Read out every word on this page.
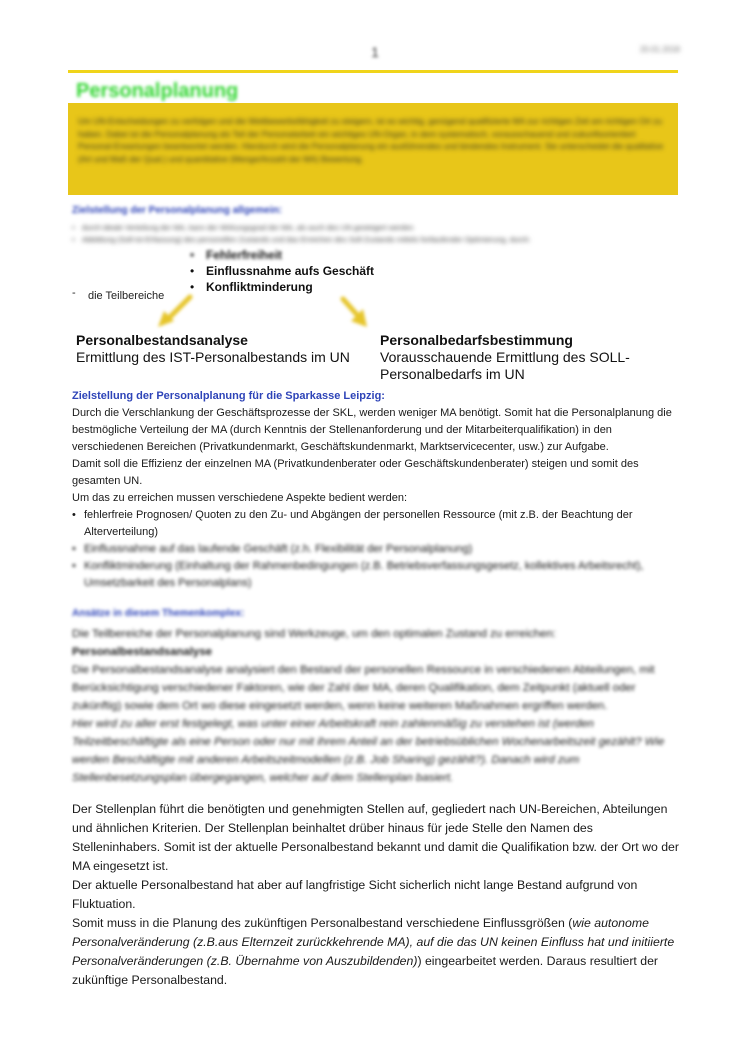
1	20.01.2018
Personalplanung
Um UN-Entscheidungen zu verfolgen und die Wettbewerbsfähigkeit zu steigern, ist es wichtig, genügend qualifizierte MA zur richtigen Zeit am richtigen Ort zu haben. Dabei ist die Personalplanung als Teil der Personalarbeit ein wichtiges UN-Organ, in dem systematisch, vorausschauend und zukunftsorientiert Personal-Erwartungen beantwortet werden. Hierdurch wird die Personalplanung ein ausführendes und bindendes Instrument. Sie unterscheidet die qualitative (Art und Maß der Qual.) und quantitative (Menge/Anzahl der MA) Bewertung.
Zielstellung der Personalplanung allgemein:
• durch ideale Verteilung der MA, kann der Wirkungsgrad der MA, als auch des UN gesteigert werden
• Abbildung (Soll-Ist-Erfassung) des personellen Zustands und das Erreichen des Soll-Zustands mittels fortlaufender Optimierung, durch:
• Fehlerfreiheit
• Einflussnahme aufs Geschäft
• Konfliktminderung
- die Teilbereiche
Personalbestandsanalyse
Ermittlung des IST-Personalbestands im UN
Personalbedarfsbestimmung
Vorausschauende Ermittlung des SOLL-Personalbedarfs im UN
Zielstellung der Personalplanung für die Sparkasse Leipzig:

Durch die Verschlankung der Geschäftsprozesse der SKL, werden weniger MA benötigt. Somit hat die Personalplanung die bestmögliche Verteilung der MA (durch Kenntnis der Stellenanforderung und der Mitarbeiterqualifikation) in den verschiedenen Bereichen (Privatkundenmarkt, Geschäftskundenmarkt, Marktservicecenter, usw.) zur Aufgabe.

Damit soll die Effizienz der einzelnen MA (Privatkundenberater oder Geschäftskundenberater) steigen und somit des gesamten UN.

Um das zu erreichen mussen verschiedene Aspekte bedient werden:

• fehlerfreie Prognosen/ Quoten zu den Zu- und Abgängen der personellen Ressource (mit z.B. der Beachtung der Alterverteilung)
• Einflussnahme auf das laufende Geschäft (z.h. Flexibilität der Personalplanung)
• Konfliktminderung (Einhaltung der Rahmenbedingungen (z.B. Betriebsverfassungsgesetz, kollektives Arbeitsrecht), Umsetzbarkeit des Personalplans)
Ansätze in diesem Themenkomplex:

Die Teilbereiche der Personalplanung sind Werkzeuge, um den optimalen Zustand zu erreichen:

Personalbestandsanalyse

Die Personalbestandsanalyse analysiert den Bestand der personellen Ressource in verschiedenen Abteilungen, mit Berücksichtigung verschiedener Faktoren, wie der Zahl der MA, deren Qualifikation, dem Zeitpunkt (aktuell oder zukünftig) sowie dem Ort wo diese eingesetzt werden, wenn keine weiteren Maßnahmen ergriffen werden.

Hier wird zu aller erst festgelegt, was unter einer Arbeitskraft rein zahlenmäßig zu verstehen ist (werden Teilzeitbeschäftigte als eine Person oder nur mit ihrem Anteil an der betriebsüblichen Wochenarbeitszeit gezählt? Wie werden Beschäftigte mit anderen Arbeitszeitmodellen (z.B. Job Sharing) gezählt?). Danach wird zum Stellenbesetzungsplan übergegangen, welcher auf dem Stellenplan basiert.

Der Stellenplan führt die benötigten und genehmigten Stellen auf, gegliedert nach UN-Bereichen, Abteilungen und ähnlichen Kriterien. Der Stellenplan beinhaltet drüber hinaus für jede Stelle den Namen des Stelleninhabers. Somit ist der aktuelle Personalbestand bekannt und damit die Qualifikation bzw. der Ort wo der MA eingesetzt ist.

Der aktuelle Personalbestand hat aber auf langfristige Sicht sicherlich nicht lange Bestand aufgrund von Fluktuation.

Somit muss in die Planung des zukünftigen Personalbestand verschiedene Einflussgrößen (wie autonome Personalveränderung (z.B.aus Elternzeit zurückkehrende MA), auf die das UN keinen Einfluss hat und initiierte Personalveränderungen (z.B. Übernahme von Auszubildenden)) eingearbeitet werden. Daraus resultiert der zukünftige Personalbestand.
